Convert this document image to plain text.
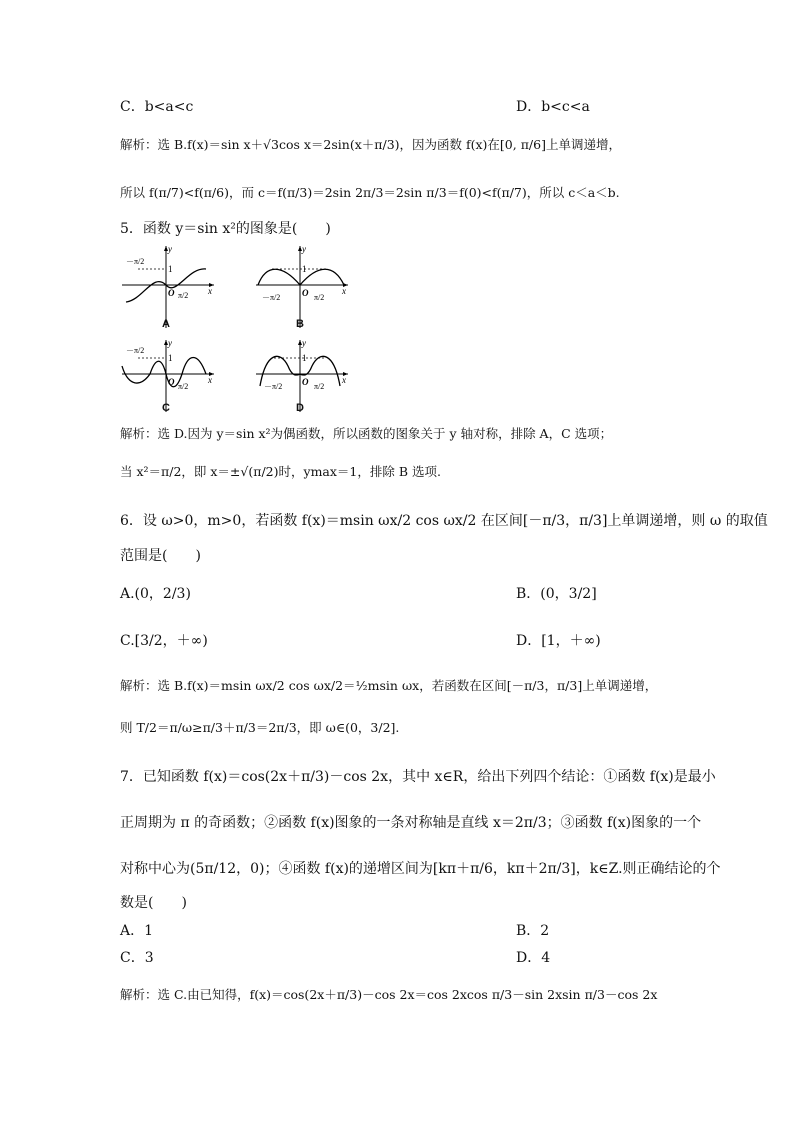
C．b<a<c	D．b<c<a
解析：选 B.f(x)＝sin x＋√3cos x＝2sin(x＋π/3)，因为函数 f(x)在[0, π/6]上单调递增，
所以 f(π/7)<f(π/6)，而 c＝f(π/3)＝2sin 2π/3＝2sin π/3＝f(0)<f(π/7)，所以 c＜a＜b.
5．函数 y＝sin x²的图象是(　　)
y
x
1
O
－π/2
π/2
A
y
x
1
O
－π/2	π/2
B
y
x
1
O
－π/2
π/2
C
y
x
1
O
－π/2	π/2
D
解析：选 D.因为 y＝sin x²为偶函数，所以函数的图象关于 y 轴对称，排除 A，C 选项；
当 x²＝π/2，即 x＝±√(π/2)时，ymax＝1，排除 B 选项.
6．设 ω>0，m>0，若函数 f(x)＝msin ωx/2 cos ωx/2 在区间[－π/3，π/3]上单调递增，则 ω 的取值
范围是(　　)
A.(0，2/3)	B．(0，3/2]
C.[3/2，＋∞)	D．[1，＋∞)
解析：选 B.f(x)＝msin ωx/2 cos ωx/2＝½msin ωx，若函数在区间[－π/3，π/3]上单调递增，
则 T/2＝π/ω≥π/3＋π/3＝2π/3，即 ω∈(0，3/2].
7．已知函数 f(x)＝cos(2x＋π/3)－cos 2x，其中 x∈R，给出下列四个结论：①函数 f(x)是最小
正周期为 π 的奇函数；②函数 f(x)图象的一条对称轴是直线 x＝2π/3；③函数 f(x)图象的一个
对称中心为(5π/12，0)；④函数 f(x)的递增区间为[kπ＋π/6，kπ＋2π/3]，k∈Z.则正确结论的个
数是(　　)
A．1	B．2
C．3	D．4
解析：选 C.由已知得，f(x)＝cos(2x＋π/3)－cos 2x＝cos 2xcos π/3－sin 2xsin π/3－cos 2x
